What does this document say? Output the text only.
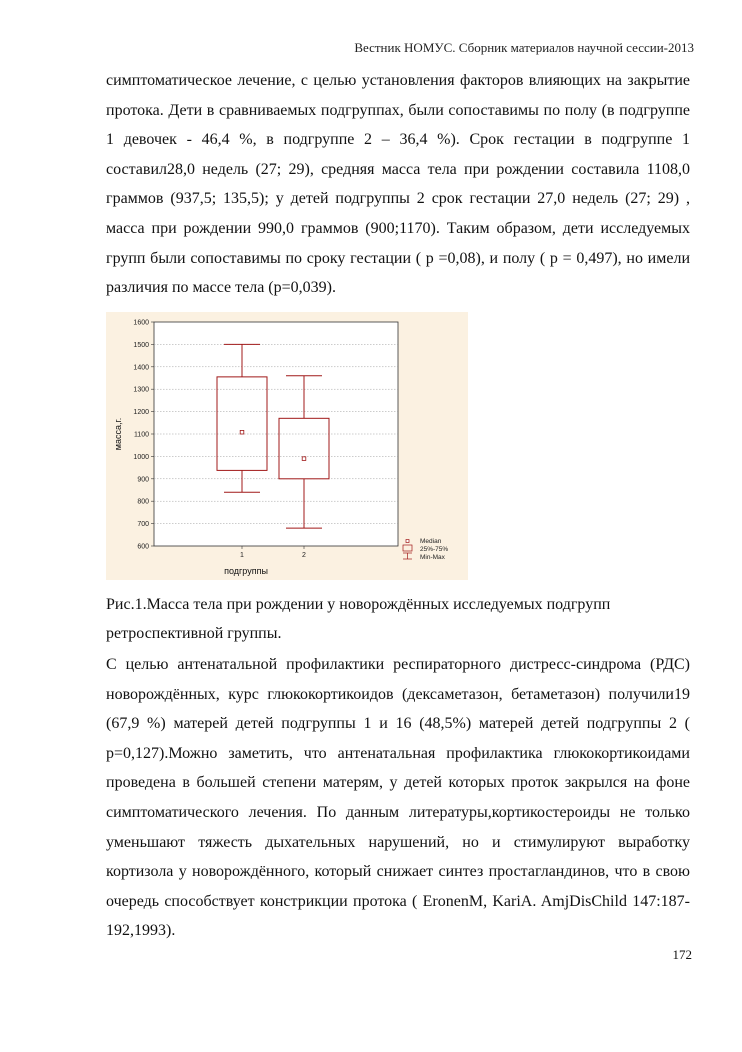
Вестник НОМУС. Сборник материалов научной сессии-2013

симптоматическое лечение, с целью установления факторов влияющих на закрытие протока. Дети в сравниваемых подгруппах, были сопоставимы по полу (в подгруппе 1 девочек - 46,4 %, в подгруппе 2 – 36,4 %). Срок гестации в подгруппе 1 составил28,0 недель (27; 29), средняя масса тела при рождении составила 1108,0 граммов (937,5; 135,5); у детей подгруппы 2 срок гестации 27,0 недель (27; 29) , масса при рождении 990,0 граммов (900;1170). Таким образом, дети исследуемых групп были сопоставимы по сроку гестации ( p =0,08), и полу ( p = 0,497), но имели различия по массе тела (p=0,039).

600
700
800
900
1000
1100
1200
1300
1400
1500
1600
1	2
подгруппы
масса,г.
Median
25%-75%
Min-Max

Рис.1.Масса тела при рождении у новорождённых исследуемых подгрупп ретроспективной группы.

С целью антенатальной профилактики респираторного дистресс-синдрома (РДС) новорождённых, курс глюкокортикоидов (дексаметазон, бетаметазон) получили19 (67,9 %) матерей детей подгруппы 1 и 16 (48,5%) матерей детей подгруппы 2 ( p=0,127).Можно заметить, что антенатальная профилактика глюкокортикоидами проведена в большей степени матерям, у детей которых проток закрылся на фоне симптоматического лечения. По данным литературы,кортикостероиды не только уменьшают тяжесть дыхательных нарушений, но и стимулируют выработку кортизола у новорождённого, который снижает синтез простагландинов, что в свою очередь способствует констрикции протока ( EronenM, KariA. AmjDisChild 147:187-192,1993).

172
